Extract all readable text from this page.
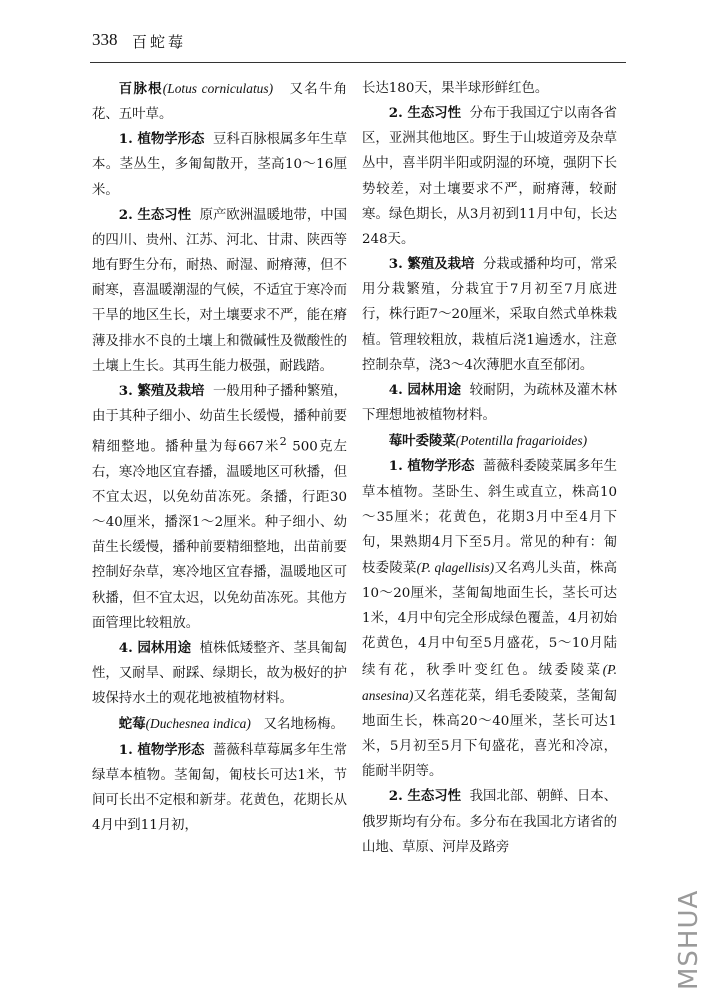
338 百蛇莓

百脉根(Lotus corniculatus) 又名牛角花、五叶草。

1. 植物学形态 豆科百脉根属多年生草本。茎丛生，多匍匐散开，茎高10～16厘米。

2. 生态习性 原产欧洲温暖地带，中国的四川、贵州、江苏、河北、甘肃、陕西等地有野生分布，耐热、耐湿、耐瘠薄，但不耐寒，喜温暖潮湿的气候，不适宜于寒冷而干旱的地区生长，对土壤要求不严，能在瘠薄及排水不良的土壤上和微碱性及微酸性的土壤上生长。其再生能力极强，耐践踏。

3. 繁殖及栽培 一般用种子播种繁殖，由于其种子细小、幼苗生长缓慢，播种前要精细整地。播种量为每667米$^2$ 500克左右，寒冷地区宜春播，温暖地区可秋播，但不宜太迟，以免幼苗冻死。条播，行距30～40厘米，播深1～2厘米。种子细小、幼苗生长缓慢，播种前要精细整地，出苗前要控制好杂草，寒冷地区宜春播，温暖地区可秋播，但不宜太迟，以免幼苗冻死。其他方面管理比较粗放。

4. 园林用途 植株低矮整齐、茎具匍匐性，又耐旱、耐踩、绿期长，故为极好的护坡保持水土的观花地被植物材料。

蛇莓(Duchesnea indica) 又名地杨梅。

1. 植物学形态 蔷薇科草莓属多年生常绿草本植物。茎匍匐，匍枝长可达1米，节间可长出不定根和新芽。花黄色，花期长从4月中到11月初，

长达180天，果半球形鲜红色。

2. 生态习性 分布于我国辽宁以南各省区，亚洲其他地区。野生于山坡道旁及杂草丛中，喜半阴半阳或阴湿的环境，强阴下长势较差，对土壤要求不严，耐瘠薄，较耐寒。绿色期长，从3月初到11月中旬，长达248天。

3. 繁殖及栽培 分栽或播种均可，常采用分栽繁殖，分栽宜于7月初至7月底进行，株行距7～20厘米，采取自然式单株栽植。管理较粗放，栽植后浇1遍透水，注意控制杂草，浇3～4次薄肥水直至郁闭。

4. 园林用途 较耐阴，为疏林及灌木林下理想地被植物材料。

莓叶委陵菜(Potentilla fragarioides)

1. 植物学形态 蔷薇科委陵菜属多年生草本植物。茎卧生、斜生或直立，株高10～35厘米；花黄色，花期3月中至4月下旬，果熟期4月下至5月。常见的种有：匍枝委陵菜(P. qlagellisis)又名鸡儿头苗，株高10～20厘米，茎匍匐地面生长，茎长可达1米，4月中旬完全形成绿色覆盖，4月初始花黄色，4月中旬至5月盛花，5～10月陆续有花，秋季叶变红色。绒委陵菜(P. ansesina)又名莲花菜，绢毛委陵菜，茎匍匐地面生长，株高20～40厘米，茎长可达1米，5月初至5月下旬盛花，喜光和冷凉，能耐半阴等。

2. 生态习性 我国北部、朝鲜、日本、俄罗斯均有分布。多分布在我国北方诸省的山地、草原、河岸及路旁

MSHUA
